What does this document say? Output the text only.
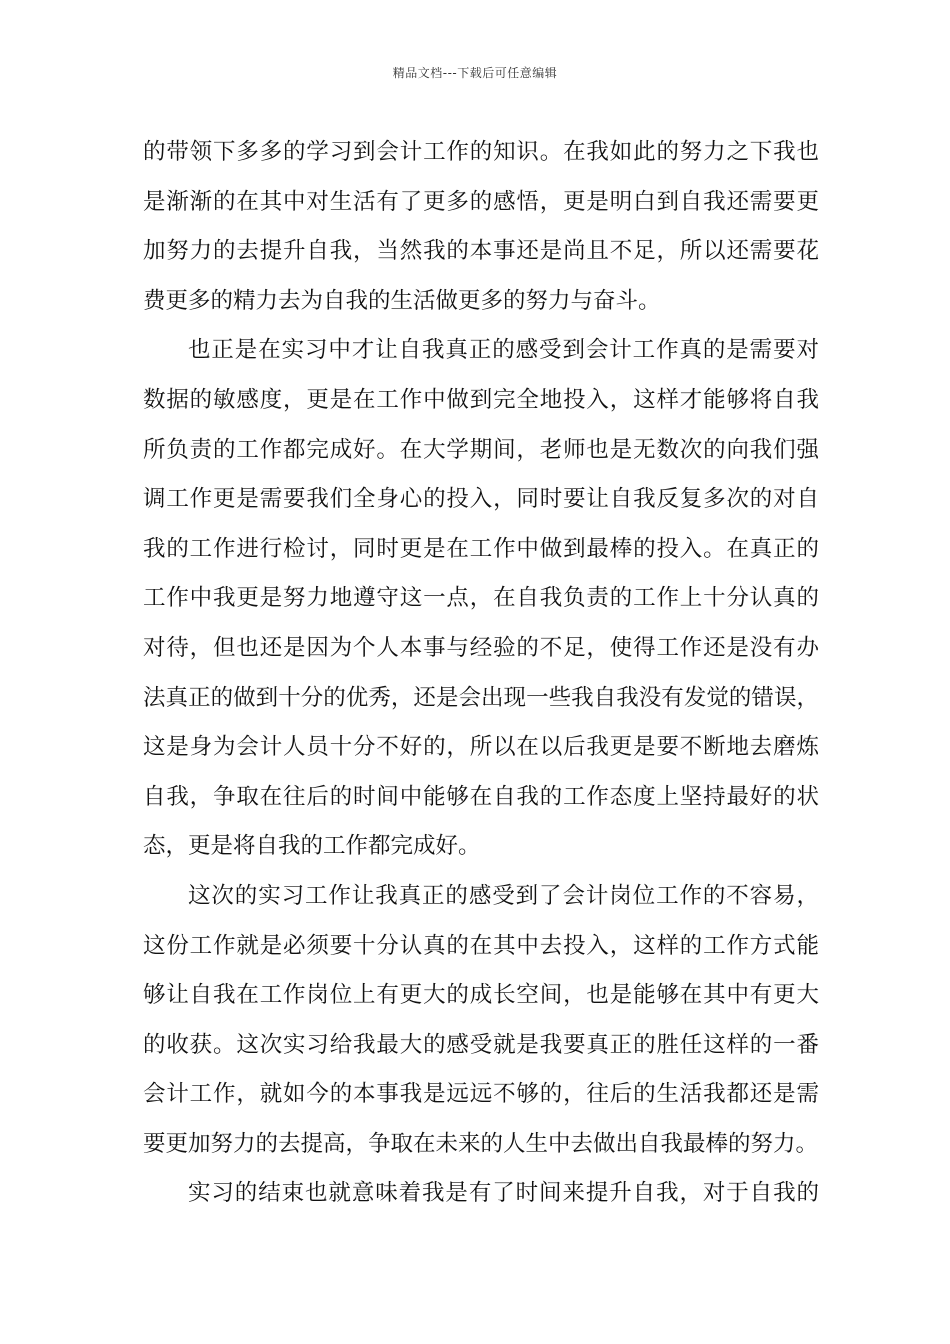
精品文档---下载后可任意编辑
的带领下多多的学习到会计工作的知识。在我如此的努力之下我也
是渐渐的在其中对生活有了更多的感悟，更是明白到自我还需要更
加努力的去提升自我，当然我的本事还是尚且不足，所以还需要花
费更多的精力去为自我的生活做更多的努力与奋斗。
也正是在实习中才让自我真正的感受到会计工作真的是需要对
数据的敏感度，更是在工作中做到完全地投入，这样才能够将自我
所负责的工作都完成好。在大学期间，老师也是无数次的向我们强
调工作更是需要我们全身心的投入，同时要让自我反复多次的对自
我的工作进行检讨，同时更是在工作中做到最棒的投入。在真正的
工作中我更是努力地遵守这一点，在自我负责的工作上十分认真的
对待，但也还是因为个人本事与经验的不足，使得工作还是没有办
法真正的做到十分的优秀，还是会出现一些我自我没有发觉的错误，
这是身为会计人员十分不好的，所以在以后我更是要不断地去磨炼
自我，争取在往后的时间中能够在自我的工作态度上坚持最好的状
态，更是将自我的工作都完成好。
这次的实习工作让我真正的感受到了会计岗位工作的不容易，
这份工作就是必须要十分认真的在其中去投入，这样的工作方式能
够让自我在工作岗位上有更大的成长空间，也是能够在其中有更大
的收获。这次实习给我最大的感受就是我要真正的胜任这样的一番
会计工作，就如今的本事我是远远不够的，往后的生活我都还是需
要更加努力的去提高，争取在未来的人生中去做出自我最棒的努力。
实习的结束也就意味着我是有了时间来提升自我，对于自我的
